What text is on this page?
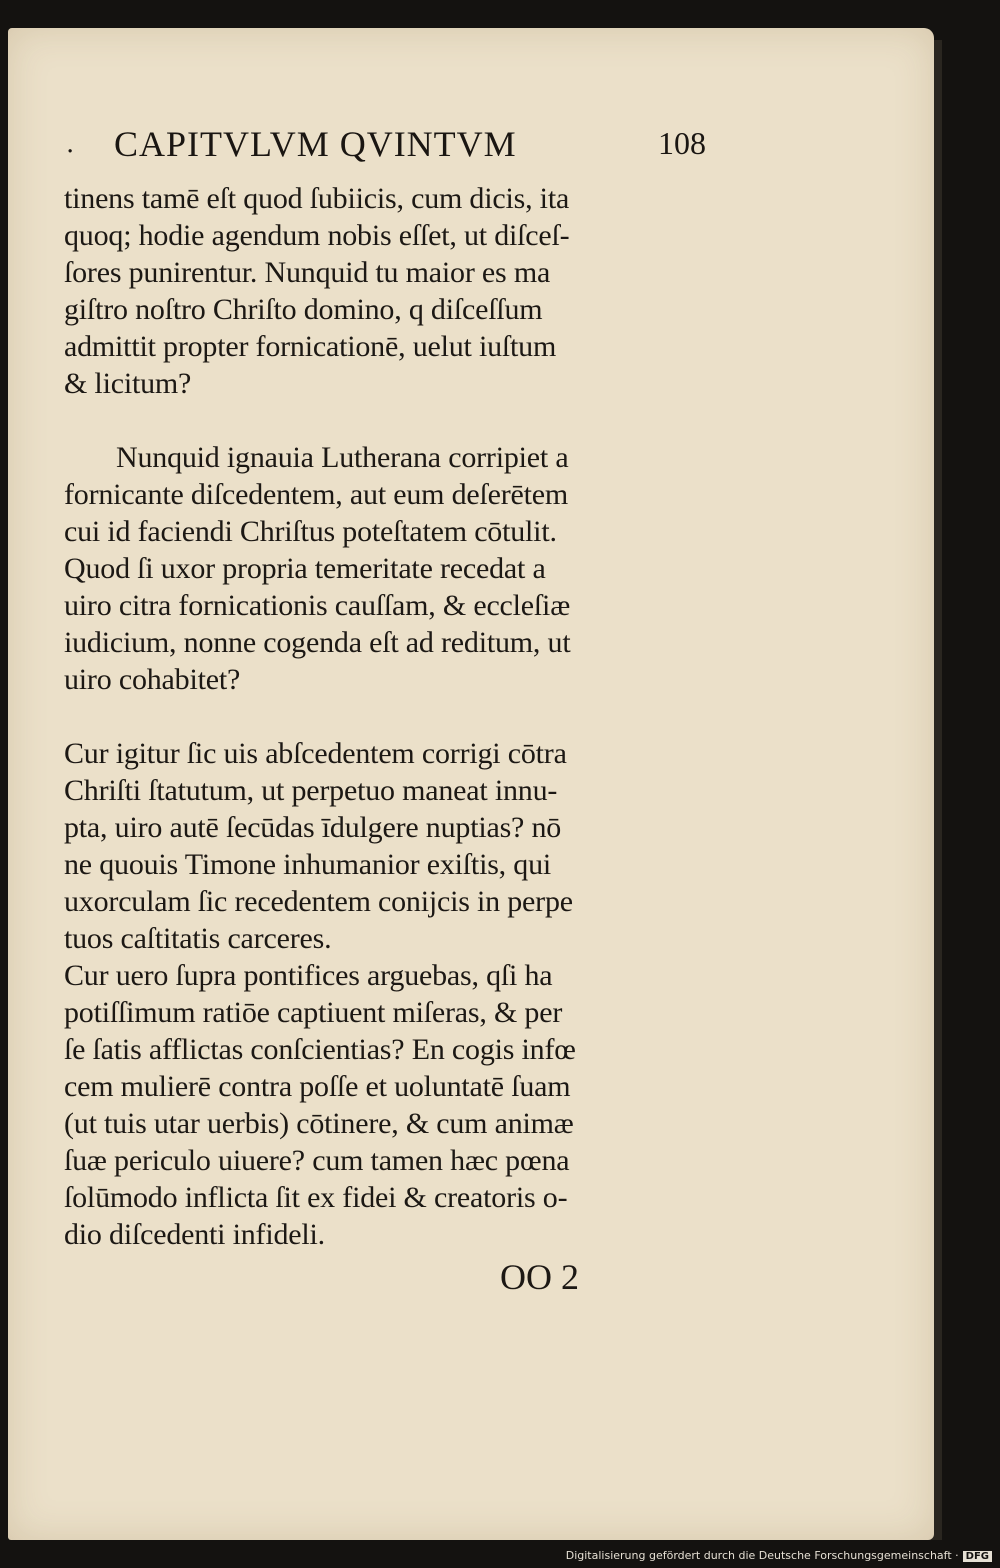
. CAPITVLVM QVINTVM	108

tinens tamē eſt quod ſubiicis, cum dicis, ita
quoq; hodie agendum nobis eſſet, ut diſceſ-
ſores punirentur. Nunquid tu maior es ma
giſtro noſtro Chriſto domino, q diſceſſum
admittit propter fornicationē, uelut iuſtum
& licitum?

Nunquid ignauia Lutherana corripiet a
fornicante diſcedentem, aut eum deſerētem
cui id faciendi Chriſtus poteſtatem cōtulit.
Quod ſi uxor propria temeritate recedat a
uiro citra fornicationis cauſſam, & eccleſiæ
iudicium, nonne cogenda eſt ad reditum, ut
uiro cohabitet?

Cur igitur ſic uis abſcedentem corrigi cōtra
Chriſti ſtatutum, ut perpetuo maneat innu-
pta, uiro autē ſecūdas īdulgere nuptias? nō
ne quouis Timone inhumanior exiſtis, qui
uxorculam ſic recedentem conijcis in perpe
tuos caſtitatis carceres.

Cur uero ſupra pontifices arguebas, qſi ha
potiſſimum ratiōe captiuent miſeras, & per
ſe ſatis afflictas conſcientias? En cogis infœ
cem mulierē contra poſſe et uoluntatē ſuam
(ut tuis utar uerbis) cōtinere, & cum animæ
ſuæ periculo uiuere? cum tamen hæc pœna
ſolūmodo inflicta ſit ex fidei & creatoris o-
dio diſcedenti infideli.

OO 2
Digitalisierung gefördert durch die Deutsche Forschungsgemeinschaft · DFG
